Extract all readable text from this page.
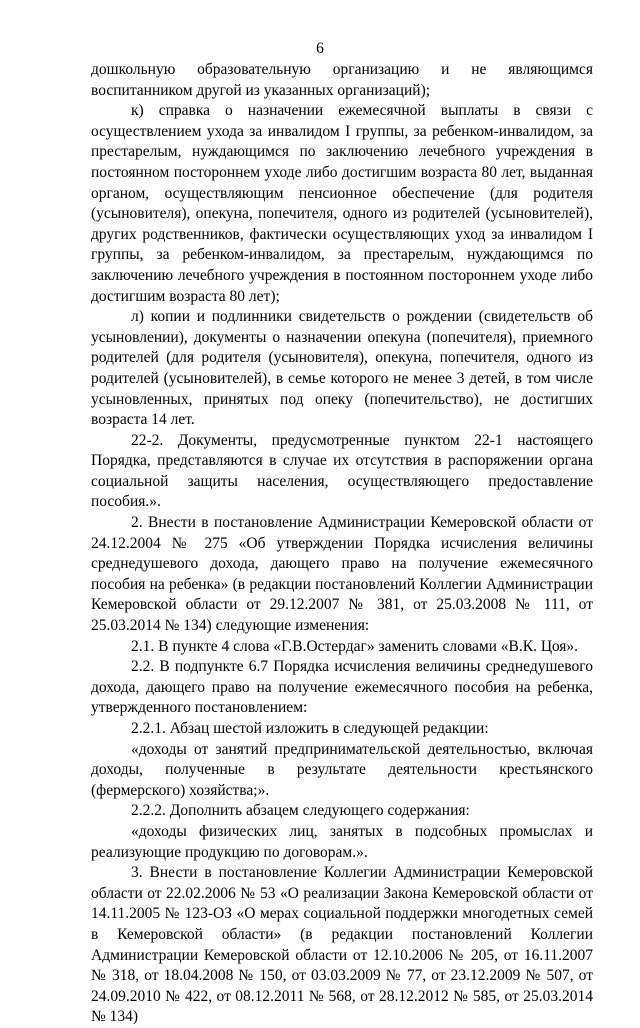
6

дошкольную образовательную организацию и не являющимся воспитанником другой из указанных организаций);

к) справка о назначении ежемесячной выплаты в связи с осуществлением ухода за инвалидом I группы, за ребенком-инвалидом, за престарелым, нуждающимся по заключению лечебного учреждения в постоянном постороннем уходе либо достигшим возраста 80 лет, выданная органом, осуществляющим пенсионное обеспечение (для родителя (усыновителя), опекуна, попечителя, одного из родителей (усыновителей), других родственников, фактически осуществляющих уход за инвалидом I группы, за ребенком-инвалидом, за престарелым, нуждающимся по заключению лечебного учреждения в постоянном постороннем уходе либо достигшим возраста 80 лет);

л) копии и подлинники свидетельств о рождении (свидетельств об усыновлении), документы о назначении опекуна (попечителя), приемного родителей (для родителя (усыновителя), опекуна, попечителя, одного из родителей (усыновителей), в семье которого не менее 3 детей, в том числе усыновленных, принятых под опеку (попечительство), не достигших возраста 14 лет.

22-2. Документы, предусмотренные пунктом 22-1 настоящего Порядка, представляются в случае их отсутствия в распоряжении органа социальной защиты населения, осуществляющего предоставление пособия.».

2. Внести в постановление Администрации Кемеровской области от 24.12.2004 № 275 «Об утверждении Порядка исчисления величины среднедушевого дохода, дающего право на получение ежемесячного пособия на ребенка» (в редакции постановлений Коллегии Администрации Кемеровской области от 29.12.2007 № 381, от 25.03.2008 № 111, от 25.03.2014 № 134) следующие изменения:

2.1. В пункте 4 слова «Г.В.Остердаг» заменить словами «В.К. Цоя».

2.2. В подпункте 6.7 Порядка исчисления величины среднедушевого дохода, дающего право на получение ежемесячного пособия на ребенка, утвержденного постановлением:

2.2.1. Абзац шестой изложить в следующей редакции:

«доходы от занятий предпринимательской деятельностью, включая доходы, полученные в результате деятельности крестьянского (фермерского) хозяйства;».

2.2.2. Дополнить абзацем следующего содержания:

«доходы физических лиц, занятых в подсобных промыслах и реализующие продукцию по договорам.».

3. Внести в постановление Коллегии Администрации Кемеровской области от 22.02.2006 № 53 «О реализации Закона Кемеровской области от 14.11.2005 № 123-ОЗ «О мерах социальной поддержки многодетных семей в Кемеровской области» (в редакции постановлений Коллегии Администрации Кемеровской области от 12.10.2006 № 205, от 16.11.2007 № 318, от 18.04.2008 № 150, от 03.03.2009 № 77, от 23.12.2009 № 507, от 24.09.2010 № 422, от 08.12.2011 № 568, от 28.12.2012 № 585, от 25.03.2014 № 134)
